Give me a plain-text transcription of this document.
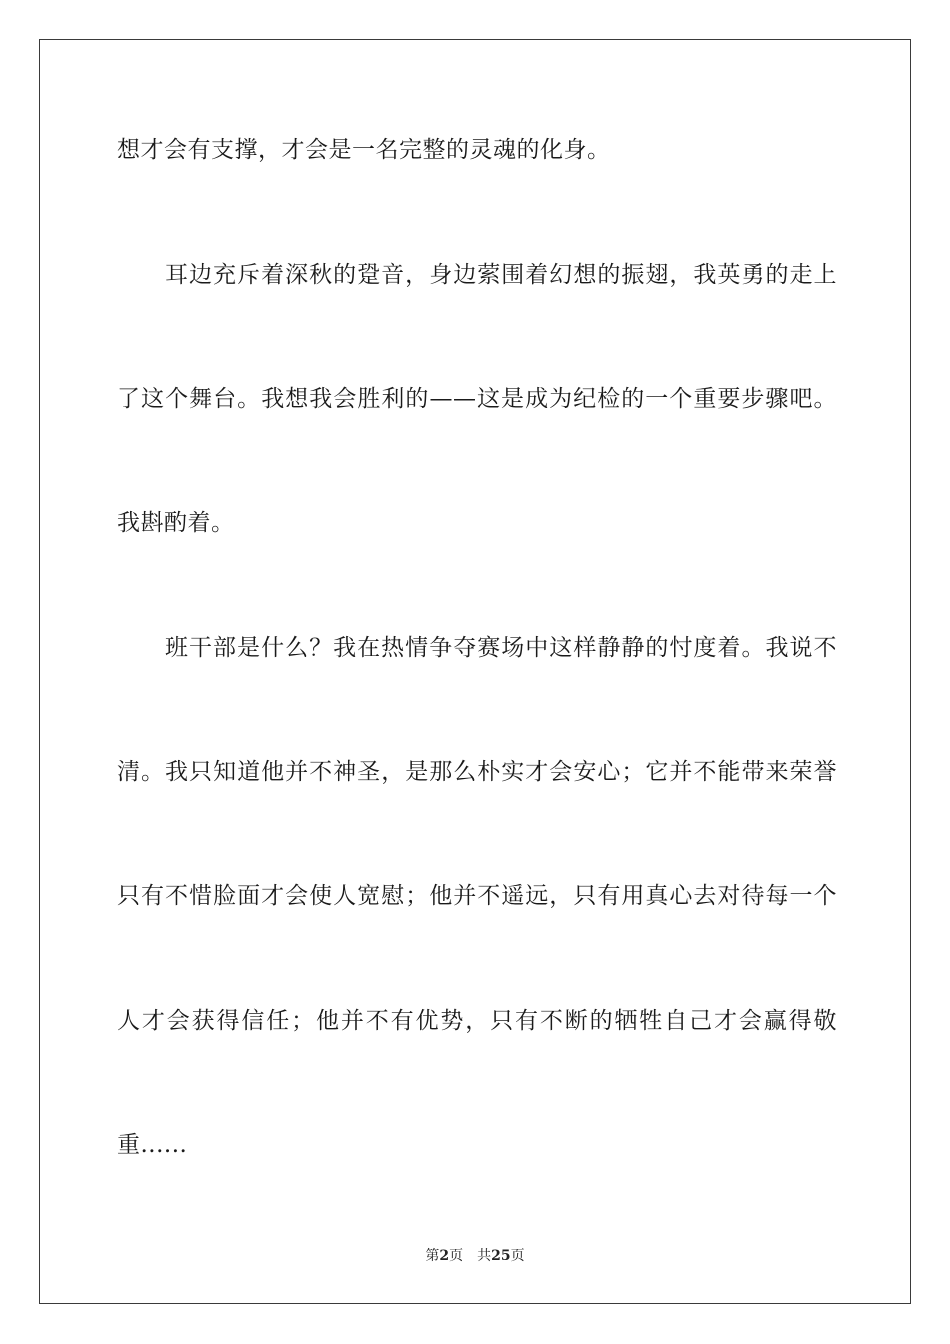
想才会有支撑，才会是一名完整的灵魂的化身。
耳边充斥着深秋的跫音，身边萦围着幻想的振翅，我英勇的走上
了这个舞台。我想我会胜利的——这是成为纪检的一个重要步骤吧。
我斟酌着。
班干部是什么？我在热情争夺赛场中这样静静的忖度着。我说不
清。我只知道他并不神圣，是那么朴实才会安心；它并不能带来荣誉
只有不惜脸面才会使人宽慰；他并不遥远，只有用真心去对待每一个
人才会获得信任；他并不有优势，只有不断的牺牲自己才会赢得敬
重......
第2页 共25页
